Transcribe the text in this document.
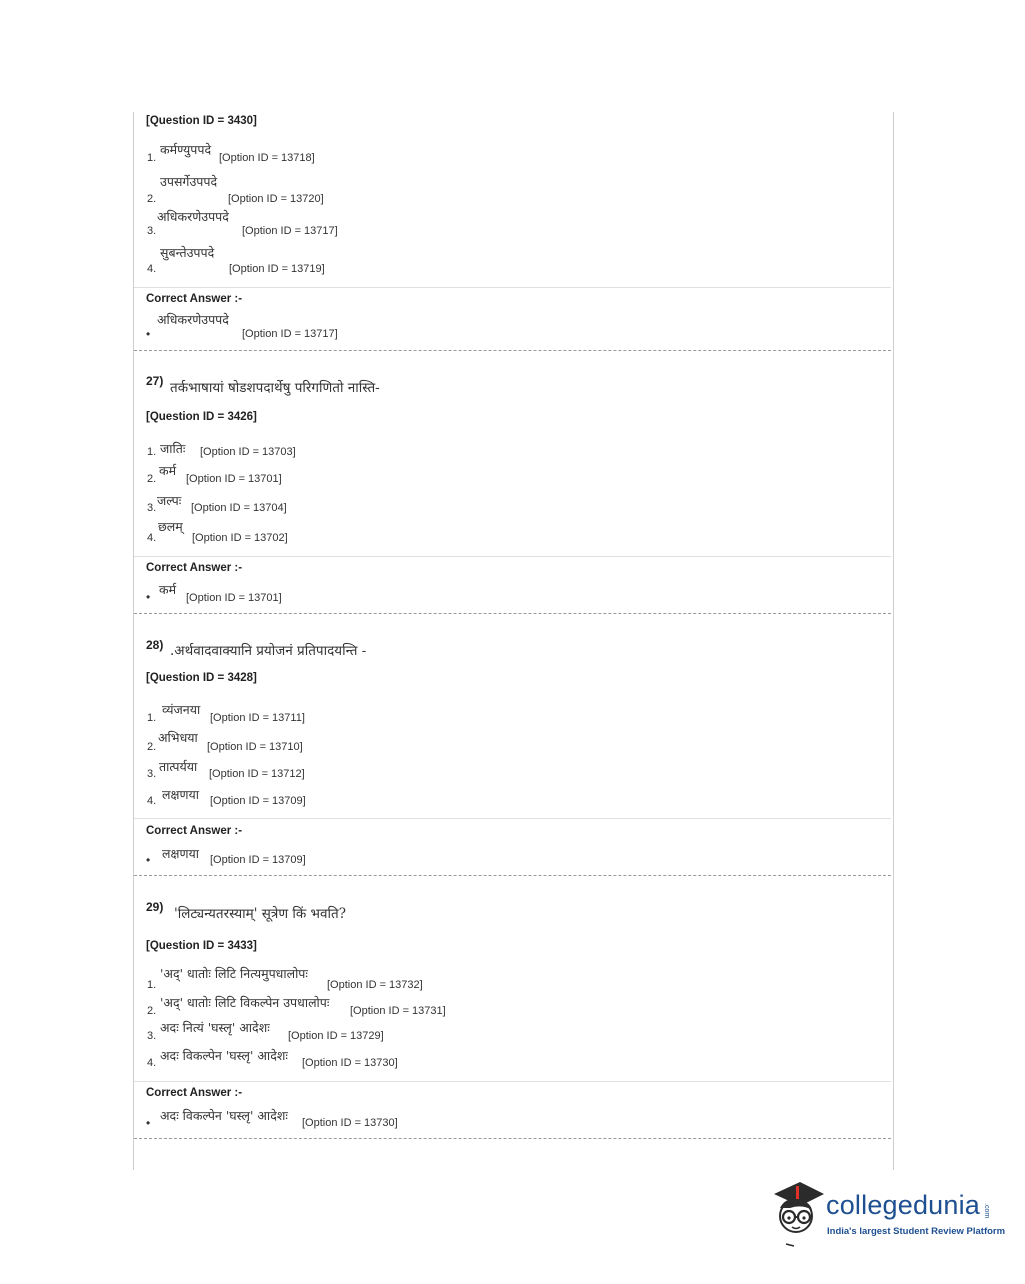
[Question ID = 3430]
1.
कर्मण्युपपदे
[Option ID = 13718]
2.
उपसर्गेउपपदे
[Option ID = 13720]
3.
अधिकरणेउपपदे
[Option ID = 13717]
4.
सुबन्तेउपपदे
[Option ID = 13719]
Correct Answer :-
•
अधिकरणेउपपदे
[Option ID = 13717]
27) तर्कभाषायां षोडशपदार्थेषु परिगणितो नास्ति-
[Question ID = 3426]
1. जातिः [Option ID = 13703]
2.
कर्म
[Option ID = 13701]
3. जल्पः [Option ID = 13704]
4.
छलम्
[Option ID = 13702]
Correct Answer :-
• कर्म
[Option ID = 13701]
28) .अर्थवादवाक्यानि प्रयोजनं प्रतिपादयन्ति -
[Question ID = 3428]
1.
व्यंजनया
[Option ID = 13711]
2.
अभिधया
[Option ID = 13710]
3. तात्पर्यया [Option ID = 13712]
4. लक्षणया [Option ID = 13709]
Correct Answer :-
• लक्षणया [Option ID = 13709]
29) 'लिट्यन्यतरस्याम्' सूत्रेण किं भवति?
[Question ID = 3433]
1.
'अद्' धातोः लिटि नित्यमुपधालोपः
[Option ID = 13732]
2.
'अद्' धातोः लिटि विकल्पेन उपधालोपः
[Option ID = 13731]
3.
अदः नित्यं 'घस्लृ' आदेशः
[Option ID = 13729]
4. अदः विकल्पेन 'घस्लृ' आदेशः [Option ID = 13730]
Correct Answer :-
• अदः विकल्पेन 'घस्लृ' आदेशः [Option ID = 13730]
collegedunia .com
India's largest Student Review Platform
